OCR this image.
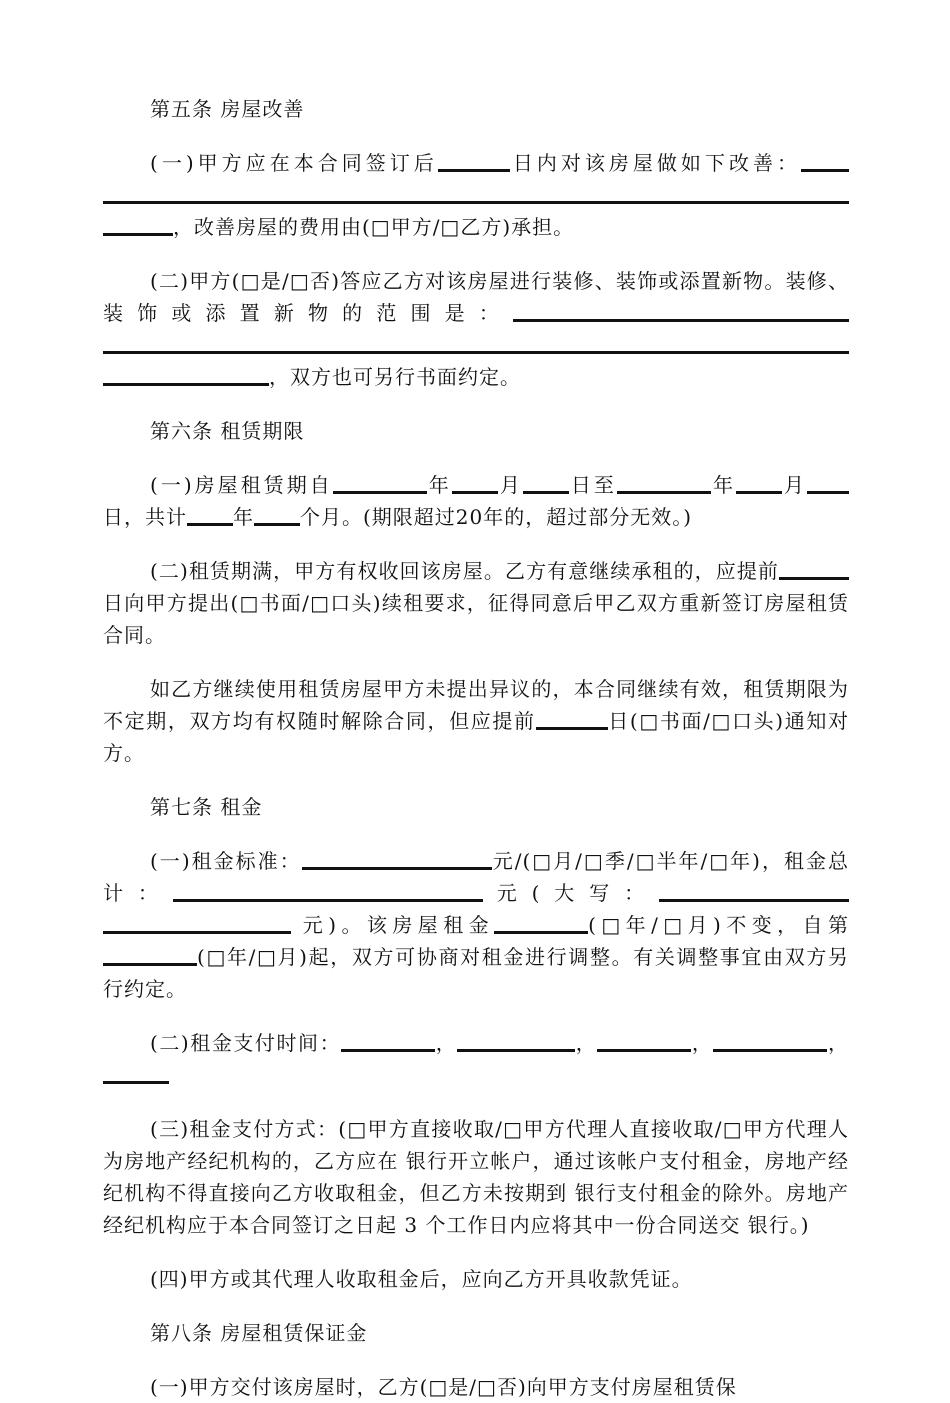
第五条 房屋改善

(一)甲方应在本合同签订后	日内对该房屋做如下改善：，改善房屋的费用由(□甲方/□乙方)承担。

(二)甲方(□是/□否)答应乙方对该房屋进行装修、装饰或添置新物。装修、装饰或添置新物的范围是：，双方也可另行书面约定。

第六条 租赁期限

(一)房屋租赁期自	年 月 日至	年 月日，共计 年 个月。(期限超过20年的，超过部分无效。)

(二)租赁期满，甲方有权收回该房屋。乙方有意继续承租的，应提前日向甲方提出(□书面/□口头)续租要求，征得同意后甲乙双方重新签订房屋租赁合同。

如乙方继续使用租赁房屋甲方未提出异议的，本合同继续有效，租赁期限为不定期，双方均有权随时解除合同，但应提前	日(□书面/□口头)通知对方。

第七条 租金

(一)租金标准：	元/(□月/□季/□半年/□年)，租金总计：	元(大写： 元)。该房屋租金	(□年/□月)不变，自第(□年/□月)起，双方可协商对租金进行调整。有关调整事宜由双方另行约定。

(二)租金支付时间：	，	，	，	，

(三)租金支付方式：(□甲方直接收取/□甲方代理人直接收取/□甲方代理人为房地产经纪机构的，乙方应在 银行开立帐户，通过该帐户支付租金，房地产经纪机构不得直接向乙方收取租金，但乙方未按期到 银行支付租金的除外。房地产经纪机构应于本合同签订之日起 3 个工作日内应将其中一份合同送交 银行。)

(四)甲方或其代理人收取租金后，应向乙方开具收款凭证。

第八条 房屋租赁保证金

(一)甲方交付该房屋时，乙方(□是/□否)向甲方支付房屋租赁保
